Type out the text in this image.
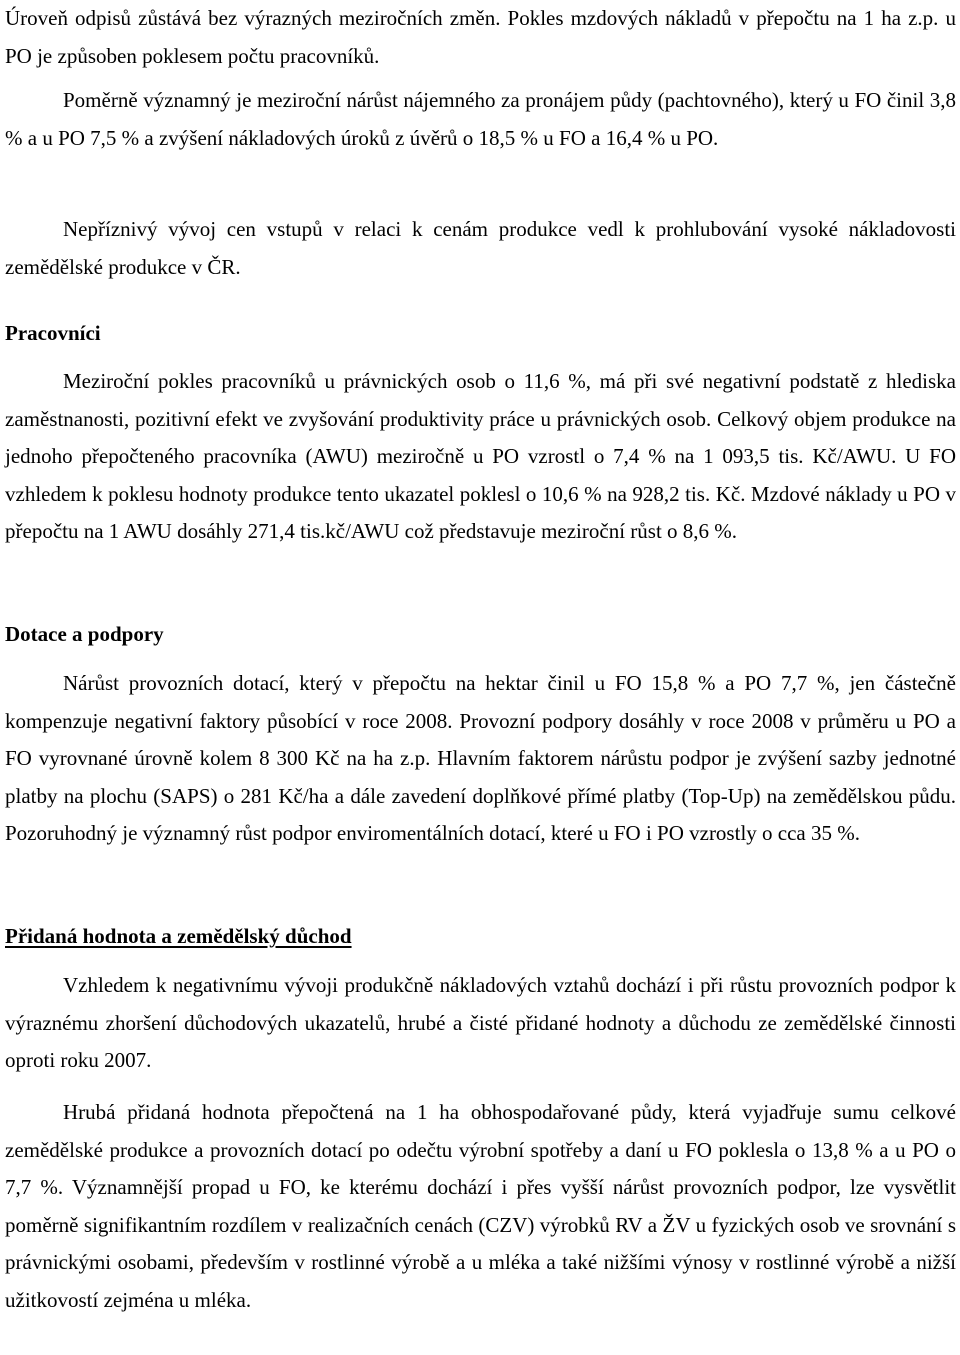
Úroveň odpisů zůstává bez výrazných meziročních změn. Pokles mzdových nákladů v přepočtu na 1 ha z.p. u PO je způsoben poklesem počtu pracovníků.

Poměrně významný je meziroční nárůst nájemného za pronájem půdy (pachtovného), který u FO činil 3,8 % a u PO 7,5 % a zvýšení nákladových úroků z úvěrů o 18,5 % u FO a 16,4 % u PO.

Nepříznivý vývoj cen vstupů v relaci k cenám produkce vedl k prohlubování vysoké nákladovosti zemědělské produkce v ČR.

Pracovníci

Meziroční pokles pracovníků u právnických osob o 11,6 %, má při své negativní podstatě z hlediska zaměstnanosti, pozitivní efekt ve zvyšování produktivity práce u právnických osob. Celkový objem produkce na jednoho přepočteného pracovníka (AWU) meziročně u PO vzrostl o 7,4 % na 1 093,5 tis. Kč/AWU. U FO vzhledem k poklesu hodnoty produkce tento ukazatel poklesl o 10,6 % na 928,2 tis. Kč. Mzdové náklady u PO v přepočtu na 1 AWU dosáhly 271,4 tis.kč/AWU což představuje meziroční růst o 8,6 %.

Dotace a podpory

Nárůst provozních dotací, který v přepočtu na hektar činil u FO 15,8 % a PO 7,7 %, jen částečně kompenzuje negativní faktory působící v roce 2008. Provozní podpory dosáhly v roce 2008 v průměru u PO a FO vyrovnané úrovně kolem 8 300 Kč na ha z.p. Hlavním faktorem nárůstu podpor je zvýšení sazby jednotné platby na plochu (SAPS) o 281 Kč/ha a dále zavedení doplňkové přímé platby (Top-Up) na zemědělskou půdu. Pozoruhodný je významný růst podpor enviromentálních dotací, které u FO i PO vzrostly o cca 35 %.

Přidaná hodnota a zemědělský důchod

Vzhledem k negativnímu vývoji produkčně nákladových vztahů dochází i při růstu provozních podpor k výraznému zhoršení důchodových ukazatelů, hrubé a čisté přidané hodnoty a důchodu ze zemědělské činnosti oproti roku 2007.

Hrubá přidaná hodnota přepočtená na 1 ha obhospodařované půdy, která vyjadřuje sumu celkové zemědělské produkce a provozních dotací po odečtu výrobní spotřeby a daní u FO poklesla o 13,8 % a u PO o 7,7 %. Významnější propad u FO, ke kterému dochází i přes vyšší nárůst provozních podpor, lze vysvětlit poměrně signifikantním rozdílem v realizačních cenách (CZV) výrobků RV a ŽV u fyzických osob ve srovnání s právnickými osobami, především v rostlinné výrobě a u mléka a také nižšími výnosy v rostlinné výrobě a nižší užitkovostí zejména u mléka.
